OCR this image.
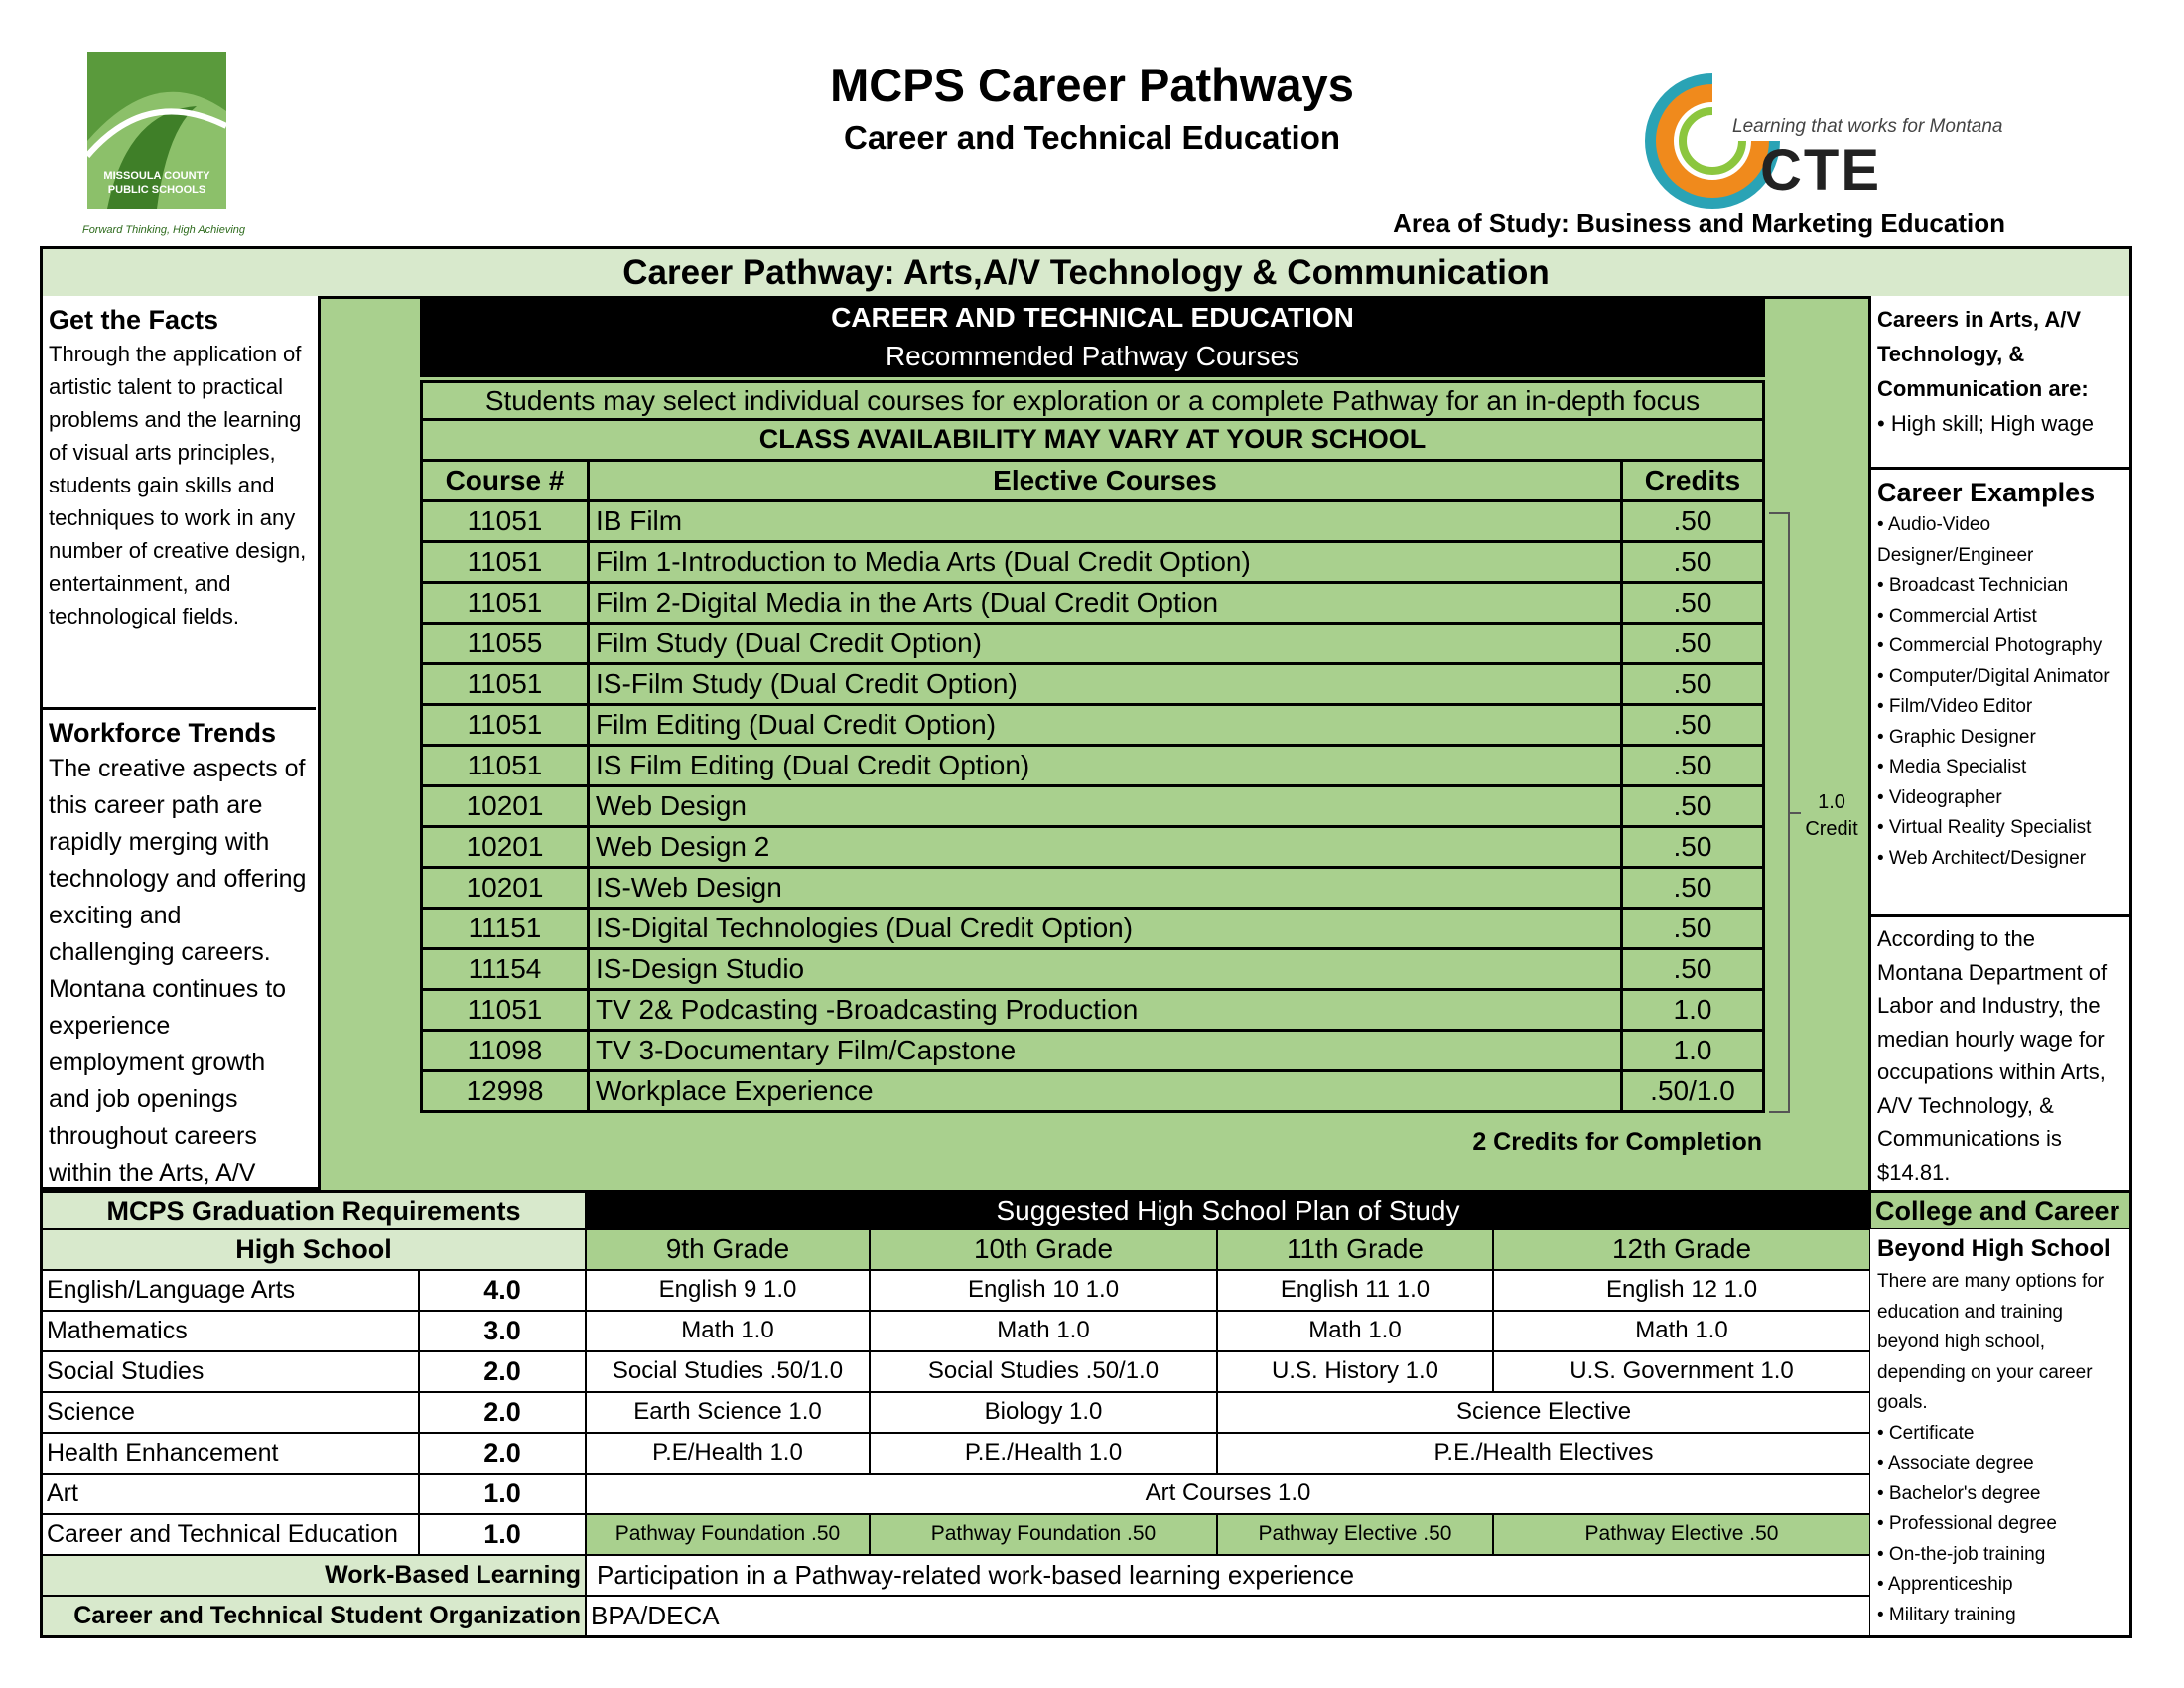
MISSOULA COUNTY PUBLIC SCHOOLS
Forward Thinking, High Achieving
MCPS Career Pathways
Career and Technical Education	Learning that works for Montana
CTE
Area of Study: Business and Marketing Education
Career Pathway: Arts,A/V Technology & Communication
Get the Facts
Through the application of artistic talent to practical problems and the learning of visual arts principles, students gain skills and techniques to work in any number of creative design, entertainment, and technological fields.
Workforce Trends
The creative aspects of this career path are rapidly merging with technology and offering exciting and challenging careers. Montana continues to experience employment growth and job openings throughout careers within the Arts, A/V
CAREER AND TECHNICAL EDUCATION
Recommended Pathway Courses
Students may select individual courses for exploration or a complete Pathway for an in-depth focus
CLASS AVAILABILITY MAY VARY AT YOUR SCHOOL
Course #	Elective Courses	Credits
11051	IB Film	.50
11051	Film 1-Introduction to Media Arts (Dual Credit Option)	.50
11051	Film 2-Digital Media in the Arts (Dual Credit Option	.50
11055	Film Study (Dual Credit Option)	.50
11051	IS-Film Study (Dual Credit Option)	.50
11051	Film Editing (Dual Credit Option)	.50
11051	IS Film Editing (Dual Credit Option)	.50
10201	Web Design	.50
10201	Web Design 2	.50
10201	IS-Web Design	.50
11151	IS-Digital Technologies (Dual Credit Option)	.50
11154	IS-Design Studio	.50
11051	TV 2& Podcasting -Broadcasting Production	1.0
11098	TV 3-Documentary Film/Capstone	1.0
12998	Workplace Experience	.50/1.0
1.0
Credit
2 Credits for Completion
Careers in Arts, A/V Technology, & Communication are:
• High skill; High wage
Career Examples
• Audio-Video Designer/Engineer
• Broadcast Technician
• Commercial Artist
• Commercial Photography
• Computer/Digital Animator
• Film/Video Editor
• Graphic Designer
• Media Specialist
• Videographer
• Virtual Reality Specialist
• Web Architect/Designer
According to the Montana Department of Labor and Industry, the median hourly wage for occupations within Arts, A/V Technology, & Communications is $14.81.
MCPS Graduation Requirements
High School
English/Language Arts	4.0
Mathematics	3.0
Social Studies	2.0
Science	2.0
Health Enhancement	2.0
Art	1.0
Career and Technical Education	1.0
Work-Based Learning Participation in a Pathway-related work-based learning experience
Career and Technical Student Organization BPA/DECA
Suggested High School Plan of Study
9th Grade	10th Grade	11th Grade	12th Grade
English 9 1.0	English 10 1.0	English 11 1.0	English 12 1.0
Math 1.0	Math 1.0	Math 1.0	Math 1.0
Social Studies .50/1.0	Social Studies .50/1.0	U.S. History 1.0	U.S. Government 1.0
Earth Science 1.0	Biology 1.0	Science Elective
P.E/Health 1.0	P.E./Health 1.0	P.E./Health Electives
Art Courses 1.0
Pathway Foundation .50	Pathway Foundation .50	Pathway Elective .50	Pathway Elective .50
College and Career
Beyond High School
There are many options for education and training beyond high school, depending on your career goals.
• Certificate
• Associate degree
• Bachelor's degree
• Professional degree
• On-the-job training
• Apprenticeship
• Military training
